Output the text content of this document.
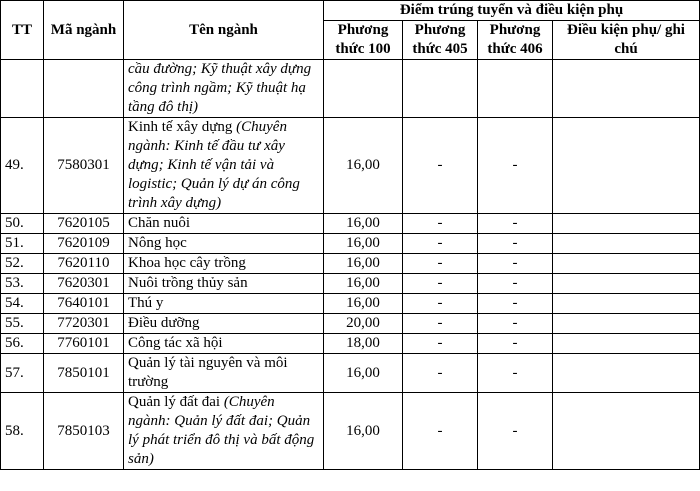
TT	Mã ngành	Tên ngành	Điểm trúng tuyển và điều kiện phụ			
			Phương thức 100	Phương thức 405	Phương thức 406	Điều kiện phụ/ ghi chú
		cầu đường; Kỹ thuật xây dựng công trình ngầm; Kỹ thuật hạ tầng đô thị)				
49.	7580301	Kinh tế xây dựng (Chuyên ngành: Kinh tế đầu tư xây dựng; Kinh tế vận tải và logistic; Quản lý dự án công trình xây dựng)	16,00	-	-	
50.	7620105	Chăn nuôi	16,00	-	-	
51.	7620109	Nông học	16,00	-	-	
52.	7620110	Khoa học cây trồng	16,00	-	-	
53.	7620301	Nuôi trồng thủy sản	16,00	-	-	
54.	7640101	Thú y	16,00	-	-	
55.	7720301	Điều dưỡng	20,00	-	-	
56.	7760101	Công tác xã hội	18,00	-	-	
57.	7850101	Quản lý tài nguyên và môi trường	16,00	-	-	
58.	7850103	Quản lý đất đai (Chuyên ngành: Quản lý đất đai; Quản lý phát triển đô thị và bất động sản)	16,00	-	-	
